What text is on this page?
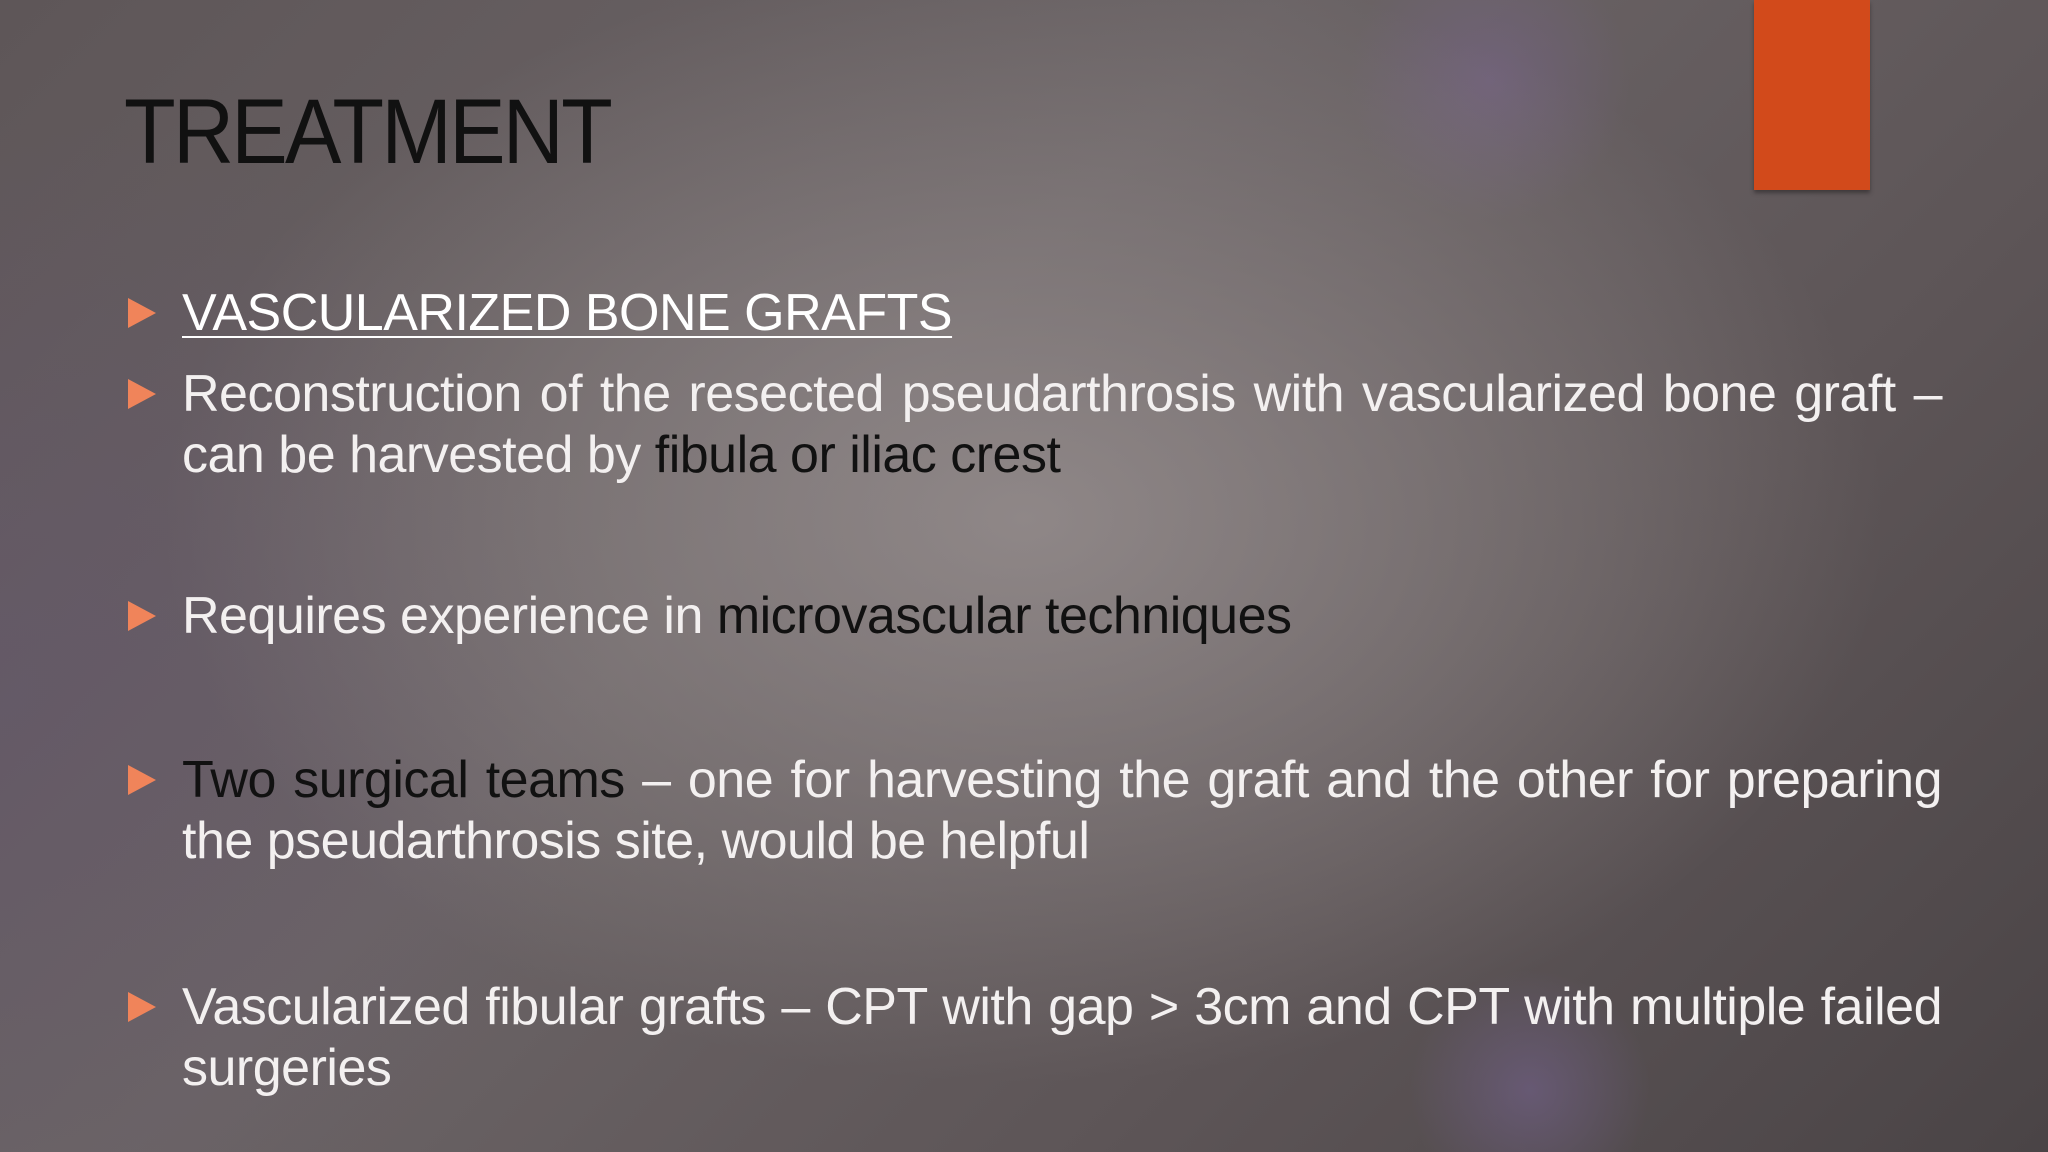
TREATMENT
VASCULARIZED BONE GRAFTS
Reconstruction of the resected pseudarthrosis with vascularized bone graft – can be harvested by fibula or iliac crest
Requires experience in microvascular techniques
Two surgical teams – one for harvesting the graft and the other for preparing the pseudarthrosis site, would be helpful
Vascularized fibular grafts – CPT with gap > 3cm and CPT with multiple failed surgeries
